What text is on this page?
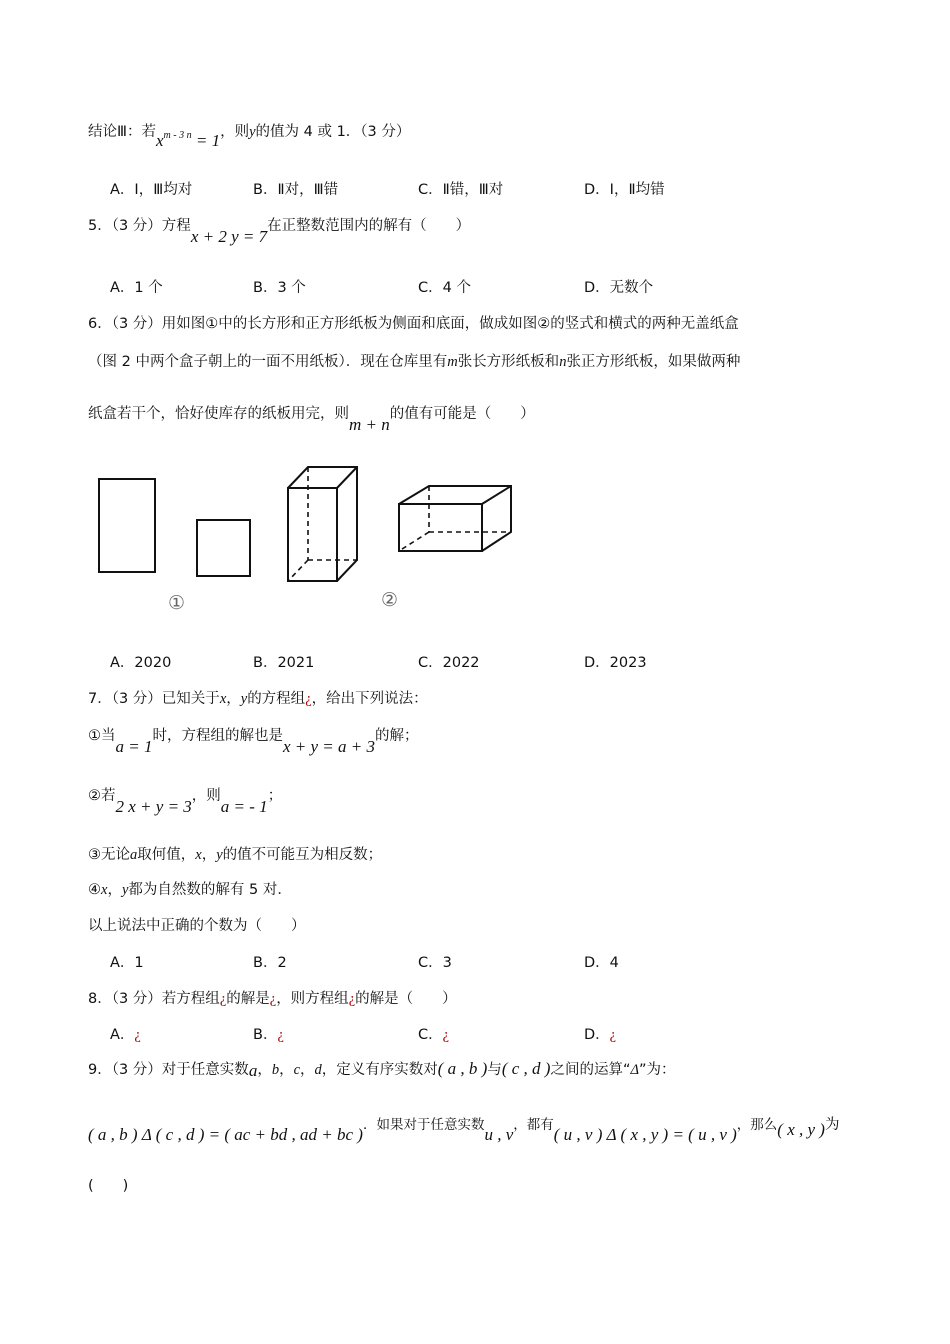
结论Ⅲ：若$x^{m - 3 n} = 1$，则y的值为 4 或 1．（3 分）
A．Ⅰ，Ⅲ均对	B．Ⅱ对，Ⅲ错	C．Ⅱ错，Ⅲ对	D．Ⅰ，Ⅱ均错
5．（3 分）方程x + 2 y = 7在正整数范围内的解有（　　）
A．1 个	B．3 个	C．4 个	D．无数个
6．（3 分）用如图①中的长方形和正方形纸板为侧面和底面，做成如图②的竖式和横式的两种无盖纸盒
（图 2 中两个盒子朝上的一面不用纸板）．现在仓库里有m张长方形纸板和n张正方形纸板，如果做两种
纸盒若干个，恰好使库存的纸板用完，则m + n的值有可能是（　　）
①	②
A．2020	B．2021	C．2022	D．2023
7．（3 分）已知关于x，y的方程组¿，给出下列说法：
①当a = 1时，方程组的解也是x + y = a + 3的解；
②若2 x + y = 3，则a = - 1；
③无论a取何值，x，y的值不可能互为相反数；
④x，y都为自然数的解有 5 对．
以上说法中正确的个数为（　　）
A．1	B．2	C．3	D．4
8．（3 分）若方程组¿的解是¿，则方程组¿的解是（　　）
A．¿	B．¿	C．¿	D．¿
9．（3 分）对于任意实数a，b，c，d，定义有序实数对( a , b )与( c , d )之间的运算“Δ”为：
( a , b ) Δ ( c , d ) = ( ac + bd , ad + bc )．如果对于任意实数u , v，都有( u , v ) Δ ( x , y ) = ( u , v )，那么( x , y )为
(　　)
